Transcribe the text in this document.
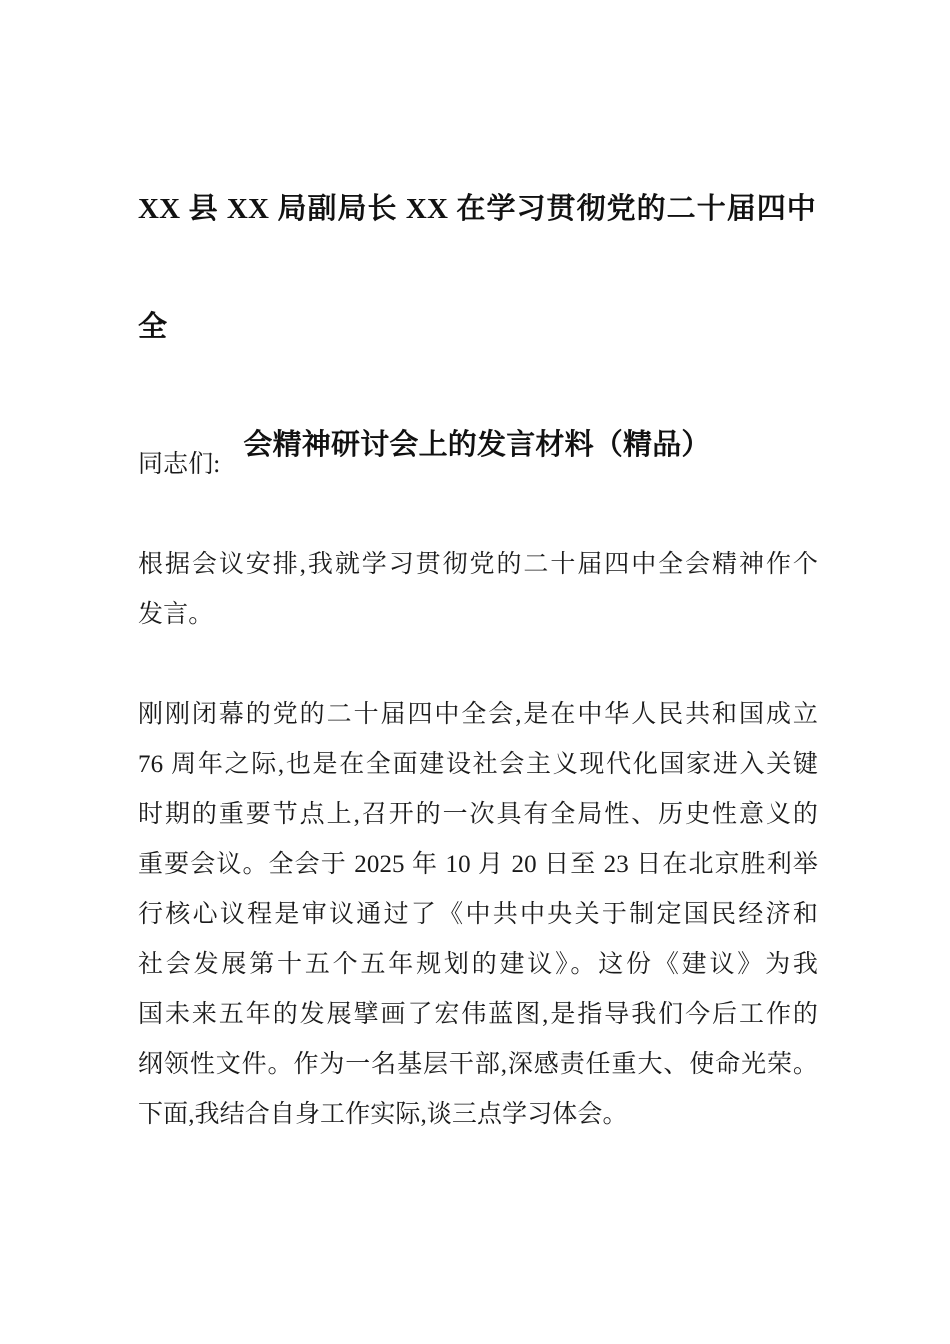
XX 县 XX 局副局长 XX 在学习贯彻党的二十届四中全
会精神研讨会上的发言材料（精品）

同志们:

根据会议安排,我就学习贯彻党的二十届四中全会精神作个
发言。

刚刚闭幕的党的二十届四中全会,是在中华人民共和国成立
76 周年之际,也是在全面建设社会主义现代化国家进入关键
时期的重要节点上,召开的一次具有全局性、历史性意义的
重要会议。全会于 2025 年 10 月 20 日至 23 日在北京胜利举
行核心议程是审议通过了《中共中央关于制定国民经济和
社会发展第十五个五年规划的建议》。这份《建议》为我
国未来五年的发展擘画了宏伟蓝图,是指导我们今后工作的
纲领性文件。作为一名基层干部,深感责任重大、使命光荣。
下面,我结合自身工作实际,谈三点学习体会。
